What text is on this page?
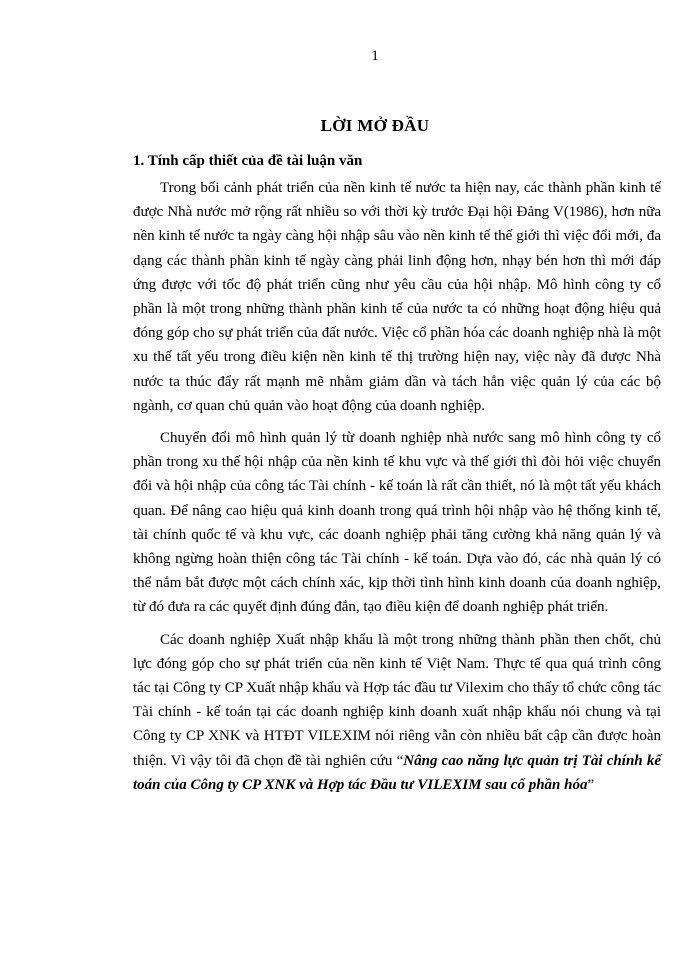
1
LỜI MỞ ĐẦU
1. Tính cấp thiết của đề tài luận văn

Trong bối cảnh phát triển của nền kinh tế nước ta hiện nay, các thành phần kinh tế được Nhà nước mở rộng rất nhiều so với thời kỳ trước Đại hội Đảng V(1986), hơn nữa nền kinh tế nước ta ngày càng hội nhập sâu vào nền kinh tế thế giới thì việc đổi mới, đa dạng các thành phần kinh tế ngày càng phải linh động hơn, nhạy bén hơn thì mới đáp ứng được với tốc độ phát triển cũng như yêu cầu của hội nhập. Mô hình công ty cổ phần là một trong những thành phần kinh tế của nước ta có những hoạt động hiệu quả đóng góp cho sự phát triển của đất nước. Việc cổ phần hóa các doanh nghiệp nhà là một xu thế tất yếu trong điều kiện nền kinh tế thị trường hiện nay, việc này đã được Nhà nước ta thúc đẩy rất mạnh mẽ nhằm giảm dần và tách hẳn việc quản lý của các bộ ngành, cơ quan chủ quản vào hoạt động của doanh nghiệp.

Chuyển đổi mô hình quản lý từ doanh nghiệp nhà nước sang mô hình công ty cổ phần trong xu thế hội nhập của nền kinh tế khu vực và thế giới thì đòi hỏi việc chuyển đổi và hội nhập của công tác Tài chính - kế toán là rất cần thiết, nó là một tất yếu khách quan. Để nâng cao hiệu quả kinh doanh trong quá trình hội nhập vào hệ thống kinh tế, tài chính quốc tế và khu vực, các doanh nghiệp phải tăng cường khả năng quản lý và không ngừng hoàn thiện công tác Tài chính - kế toán. Dựa vào đó, các nhà quản lý có thể nắm bắt được một cách chính xác, kịp thời tình hình kinh doanh của doanh nghiệp, từ đó đưa ra các quyết định đúng đắn, tạo điều kiện để doanh nghiệp phát triển.

Các doanh nghiệp Xuất nhập khẩu là một trong những thành phần then chốt, chủ lực đóng góp cho sự phát triển của nền kinh tế Việt Nam. Thực tế qua quá trình công tác tại Công ty CP Xuất nhập khẩu và Hợp tác đầu tư Vilexim cho thấy tổ chức công tác Tài chính - kế toán tại các doanh nghiệp kinh doanh xuất nhập khẩu nói chung và tại Công ty CP XNK và HTĐT VILEXIM nói riêng vẫn còn nhiều bất cập cần được hoàn thiện. Vì vậy tôi đã chọn đề tài nghiên cứu “Nâng cao năng lực quản trị Tài chính kế toán của Công ty CP XNK và Hợp tác Đầu tư VILEXIM sau cổ phần hóa”
